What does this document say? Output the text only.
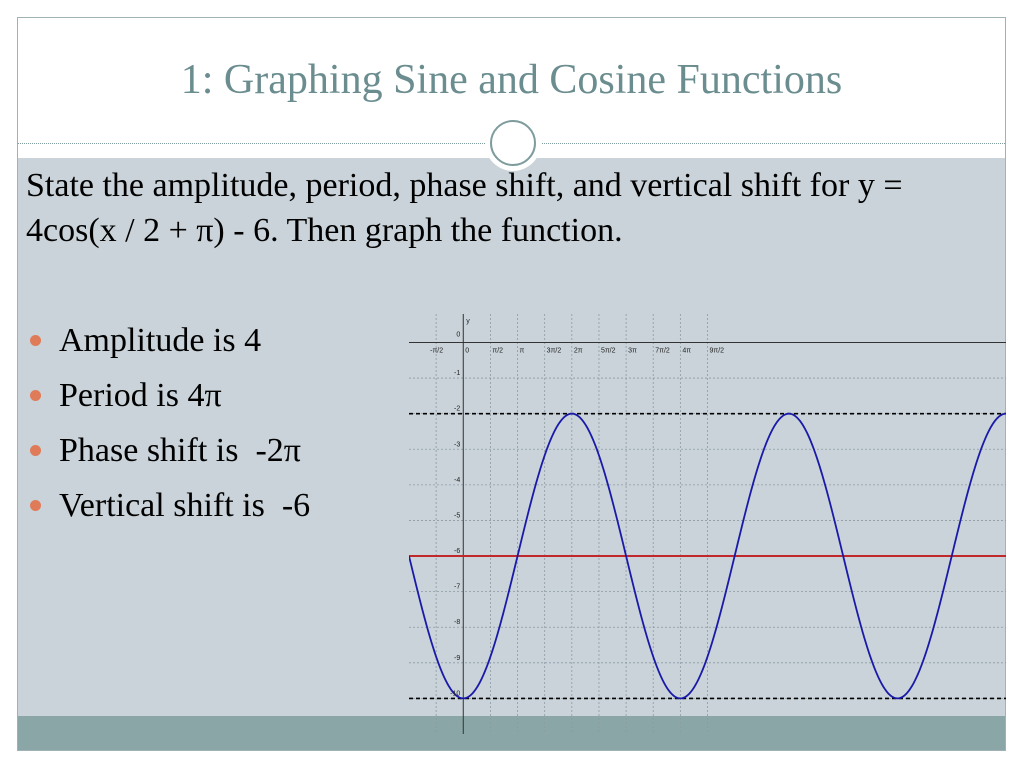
1: Graphing Sine and Cosine Functions

State the amplitude, period, phase shift, and vertical shift for y = 4cos(x / 2 + π) - 6. Then graph the function.

Amplitude is 4
Period is 4π
Phase shift is  -2π
Vertical shift is  -6
-π/2	0	π/2 π	3π/2 2π	5π/2 3π	7π/2 4π	9π/2
0
-1
-2
-3
-4
-5
-6
-7
-8
-9
-10
y
